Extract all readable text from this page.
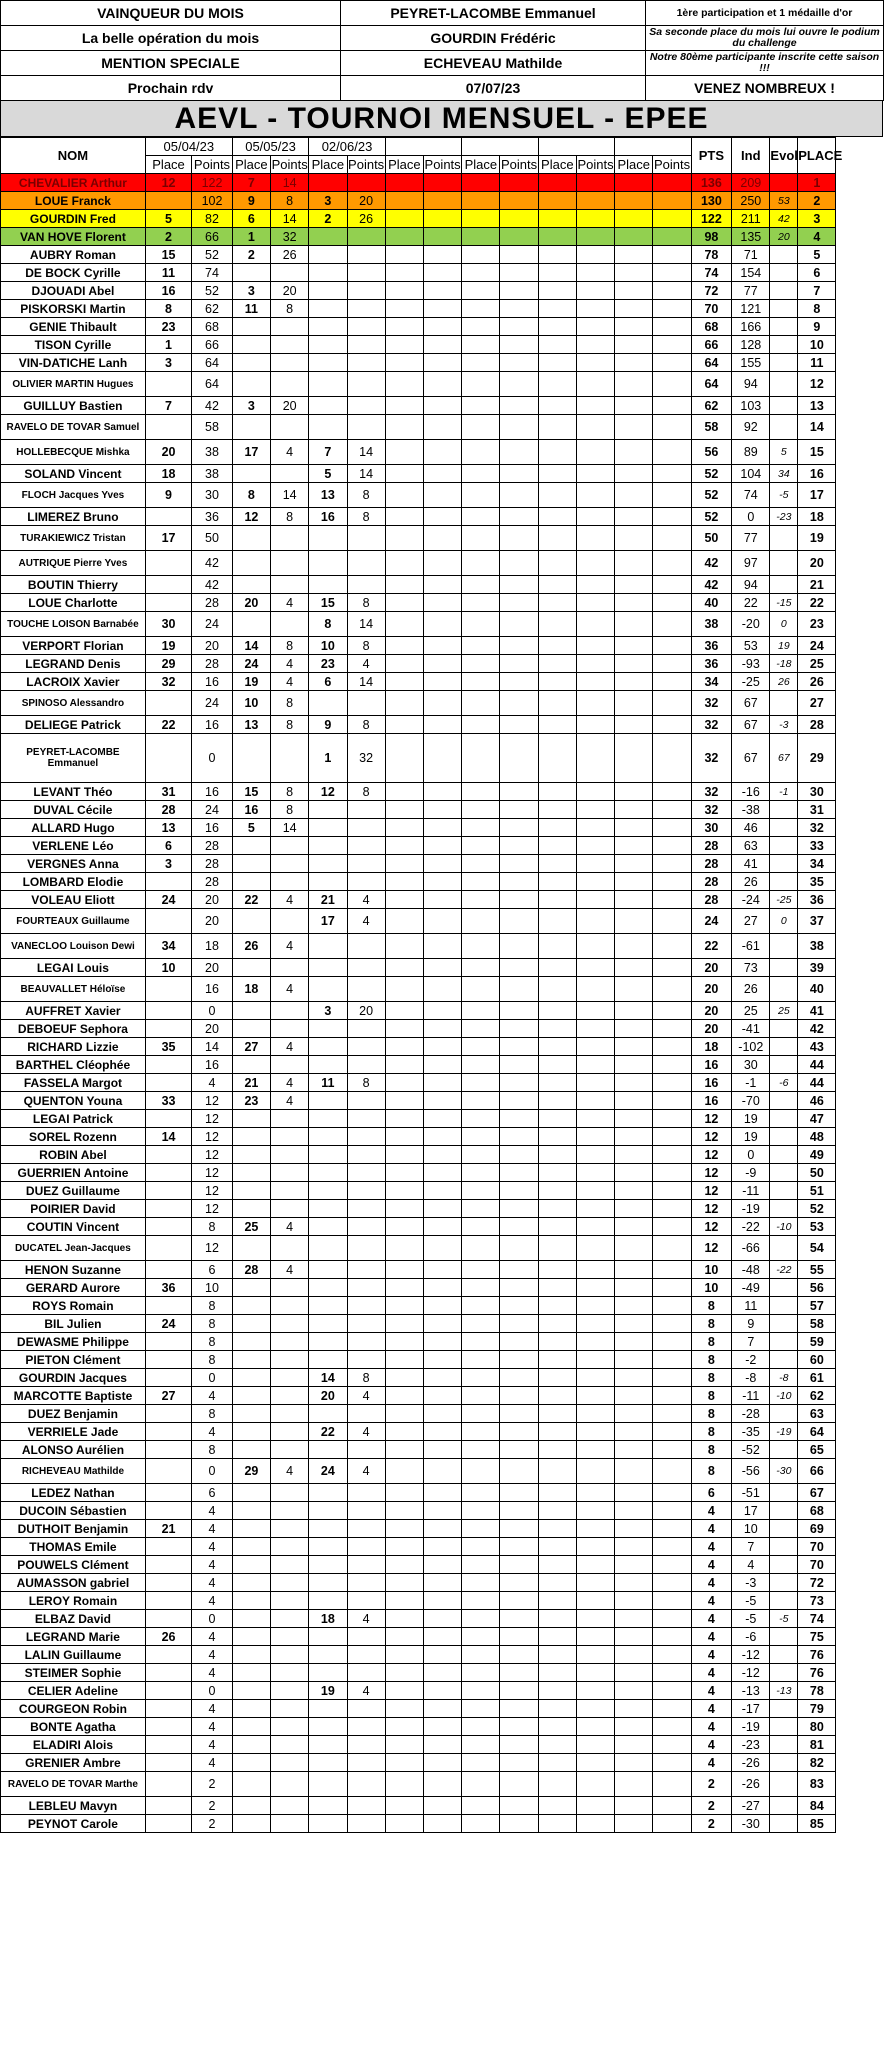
VAINQUEUR DU MOIS	PEYRET-LACOMBE Emmanuel	1ère participation et 1 médaille d'or
La belle opération du mois	GOURDIN Frédéric	Sa seconde place du mois lui ouvre le podium du challenge
MENTION SPECIALE	ECHEVEAU Mathilde	Notre 80ème participante inscrite cette saison !!!
Prochain rdv	07/07/23	VENEZ NOMBREUX !
AEVL - TOURNOI MENSUEL - EPEE
NOM	05/04/23		05/05/23		02/06/23										PTS	Ind	Evol	PLACE
	Place	Points	Place	Points	Place	Points	Place	Points	Place	Points	Place	Points	Place	Points				
CHEVALIER Arthur	12	122	7	14											136	209		1
LOUE Franck		102	9	8	3	20									130	250	53	2
GOURDIN Fred	5	82	6	14	2	26									122	211	42	3
VAN HOVE Florent	2	66	1	32											98	135	20	4
AUBRY Roman	15	52	2	26											78	71		5
DE BOCK Cyrille	11	74													74	154		6
DJOUADI Abel	16	52	3	20											72	77		7
PISKORSKI Martin	8	62	11	8											70	121		8
GENIE Thibault	23	68													68	166		9
TISON Cyrille	1	66													66	128		10
VIN-DATICHE Lanh	3	64													64	155		11
OLIVIER MARTIN Hugues		64													64	94		12
GUILLUY Bastien	7	42	3	20											62	103		13
RAVELO DE TOVAR Samuel		58													58	92		14
HOLLEBECQUE Mishka	20	38	17	4	7	14									56	89	5	15
SOLAND Vincent	18	38			5	14									52	104	34	16
FLOCH Jacques Yves	9	30	8	14	13	8									52	74	-5	17
LIMEREZ Bruno		36	12	8	16	8									52	0	-23	18
TURAKIEWICZ Tristan	17	50													50	77		19
AUTRIQUE Pierre Yves		42													42	97		20
BOUTIN Thierry		42													42	94		21
LOUE Charlotte		28	20	4	15	8									40	22	-15	22
TOUCHE LOISON Barnabée	30	24			8	14									38	-20	0	23
VERPORT Florian	19	20	14	8	10	8									36	53	19	24
LEGRAND Denis	29	28	24	4	23	4									36	-93	-18	25
LACROIX Xavier	32	16	19	4	6	14									34	-25	26	26
SPINOSO Alessandro		24	10	8											32	67		27
DELIEGE Patrick	22	16	13	8	9	8									32	67	-3	28
PEYRET-LACOMBE Emmanuel		0			1	32									32	67	67	29
LEVANT Théo	31	16	15	8	12	8									32	-16	-1	30
DUVAL Cécile	28	24	16	8											32	-38		31
ALLARD Hugo	13	16	5	14											30	46		32
VERLENE Léo	6	28													28	63		33
VERGNES Anna	3	28													28	41		34
LOMBARD Elodie		28													28	26		35
VOLEAU Eliott	24	20	22	4	21	4									28	-24	-25	36
FOURTEAUX Guillaume		20			17	4									24	27	0	37
VANECLOO Louison Dewi	34	18	26	4											22	-61		38
LEGAI Louis	10	20													20	73		39
BEAUVALLET Héloïse		16	18	4											20	26		40
AUFFRET Xavier		0			3	20									20	25	25	41
DEBOEUF Sephora		20													20	-41		42
RICHARD Lizzie	35	14	27	4											18	-102		43
BARTHEL Cléophée		16													16	30		44
FASSELA Margot		4	21	4	11	8									16	-1	-6	44
QUENTON Youna	33	12	23	4											16	-70		46
LEGAI Patrick		12													12	19		47
SOREL Rozenn	14	12													12	19		48
ROBIN Abel		12													12	0		49
GUERRIEN Antoine		12													12	-9		50
DUEZ Guillaume		12													12	-11		51
POIRIER David		12													12	-19		52
COUTIN Vincent		8	25	4											12	-22	-10	53
DUCATEL Jean-Jacques		12													12	-66		54
HENON Suzanne		6	28	4											10	-48	-22	55
GERARD Aurore	36	10													10	-49		56
ROYS Romain		8													8	11		57
BIL Julien	24	8													8	9		58
DEWASME Philippe		8													8	7		59
PIETON Clément		8													8	-2		60
GOURDIN Jacques		0			14	8									8	-8	-8	61
MARCOTTE Baptiste	27	4			20	4									8	-11	-10	62
DUEZ Benjamin		8													8	-28		63
VERRIELE Jade		4			22	4									8	-35	-19	64
ALONSO Aurélien		8													8	-52		65
RICHEVEAU Mathilde		0	29	4	24	4									8	-56	-30	66
LEDEZ Nathan		6													6	-51		67
DUCOIN Sébastien		4													4	17		68
DUTHOIT Benjamin	21	4													4	10		69
THOMAS Emile		4													4	7		70
POUWELS Clément		4													4	4		70
AUMASSON gabriel		4													4	-3		72
LEROY Romain		4													4	-5		73
ELBAZ David		0			18	4									4	-5	-5	74
LEGRAND Marie	26	4													4	-6		75
LALIN Guillaume		4													4	-12		76
STEIMER Sophie		4													4	-12		76
CELIER Adeline		0			19	4									4	-13	-13	78
COURGEON Robin		4													4	-17		79
BONTE Agatha		4													4	-19		80
ELADIRI Alois		4													4	-23		81
GRENIER Ambre		4													4	-26		82
RAVELO DE TOVAR Marthe		2													2	-26		83
LEBLEU Mavyn		2													2	-27		84
PEYNOT Carole		2													2	-30		85
